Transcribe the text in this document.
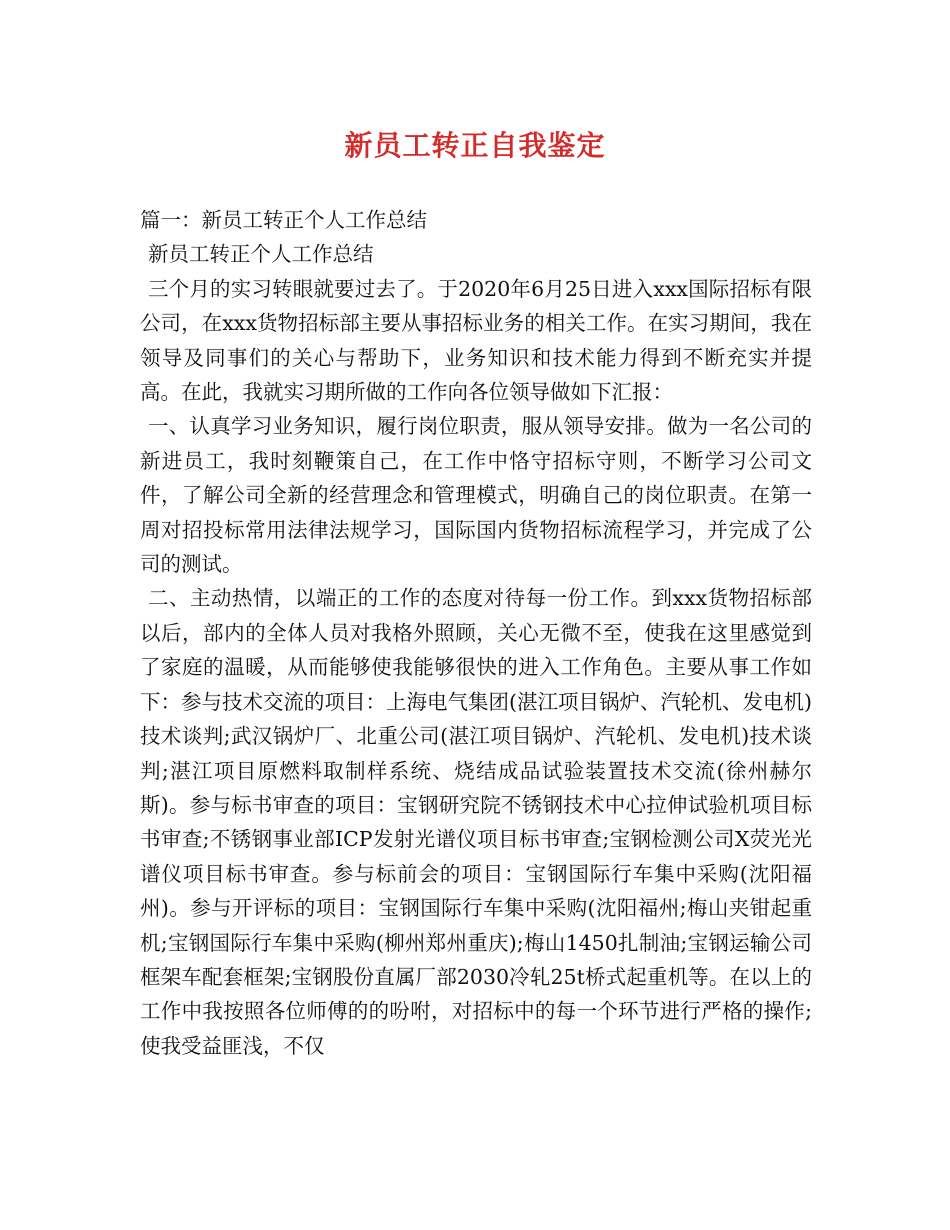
新员工转正自我鉴定

篇一：新员工转正个人工作总结

新员工转正个人工作总结

三个月的实习转眼就要过去了。于2020年6月25日进入xxx国际招标有限公司，在xxx货物招标部主要从事招标业务的相关工作。在实习期间，我在领导及同事们的关心与帮助下，业务知识和技术能力得到不断充实并提高。在此，我就实习期所做的工作向各位领导做如下汇报：

一、认真学习业务知识，履行岗位职责，服从领导安排。做为一名公司的新进员工，我时刻鞭策自己，在工作中恪守招标守则，不断学习公司文件，了解公司全新的经营理念和管理模式，明确自己的岗位职责。在第一周对招投标常用法律法规学习，国际国内货物招标流程学习，并完成了公司的测试。

二、主动热情，以端正的工作的态度对待每一份工作。到xxx货物招标部以后，部内的全体人员对我格外照顾，关心无微不至，使我在这里感觉到了家庭的温暖，从而能够使我能够很快的进入工作角色。主要从事工作如下：参与技术交流的项目：上海电气集团(湛江项目锅炉、汽轮机、发电机)技术谈判;武汉锅炉厂、北重公司(湛江项目锅炉、汽轮机、发电机)技术谈判;湛江项目原燃料取制样系统、烧结成品试验装置技术交流(徐州赫尔斯)。参与标书审查的项目：宝钢研究院不锈钢技术中心拉伸试验机项目标书审查;不锈钢事业部ICP发射光谱仪项目标书审查;宝钢检测公司X荧光光谱仪项目标书审查。参与标前会的项目：宝钢国际行车集中采购(沈阳福州)。参与开评标的项目：宝钢国际行车集中采购(沈阳福州;梅山夹钳起重机;宝钢国际行车集中采购(柳州郑州重庆);梅山1450扎制油;宝钢运输公司框架车配套框架;宝钢股份直属厂部2030冷轧25t桥式起重机等。在以上的工作中我按照各位师傅的的吩咐，对招标中的每一个环节进行严格的操作;使我受益匪浅，不仅
